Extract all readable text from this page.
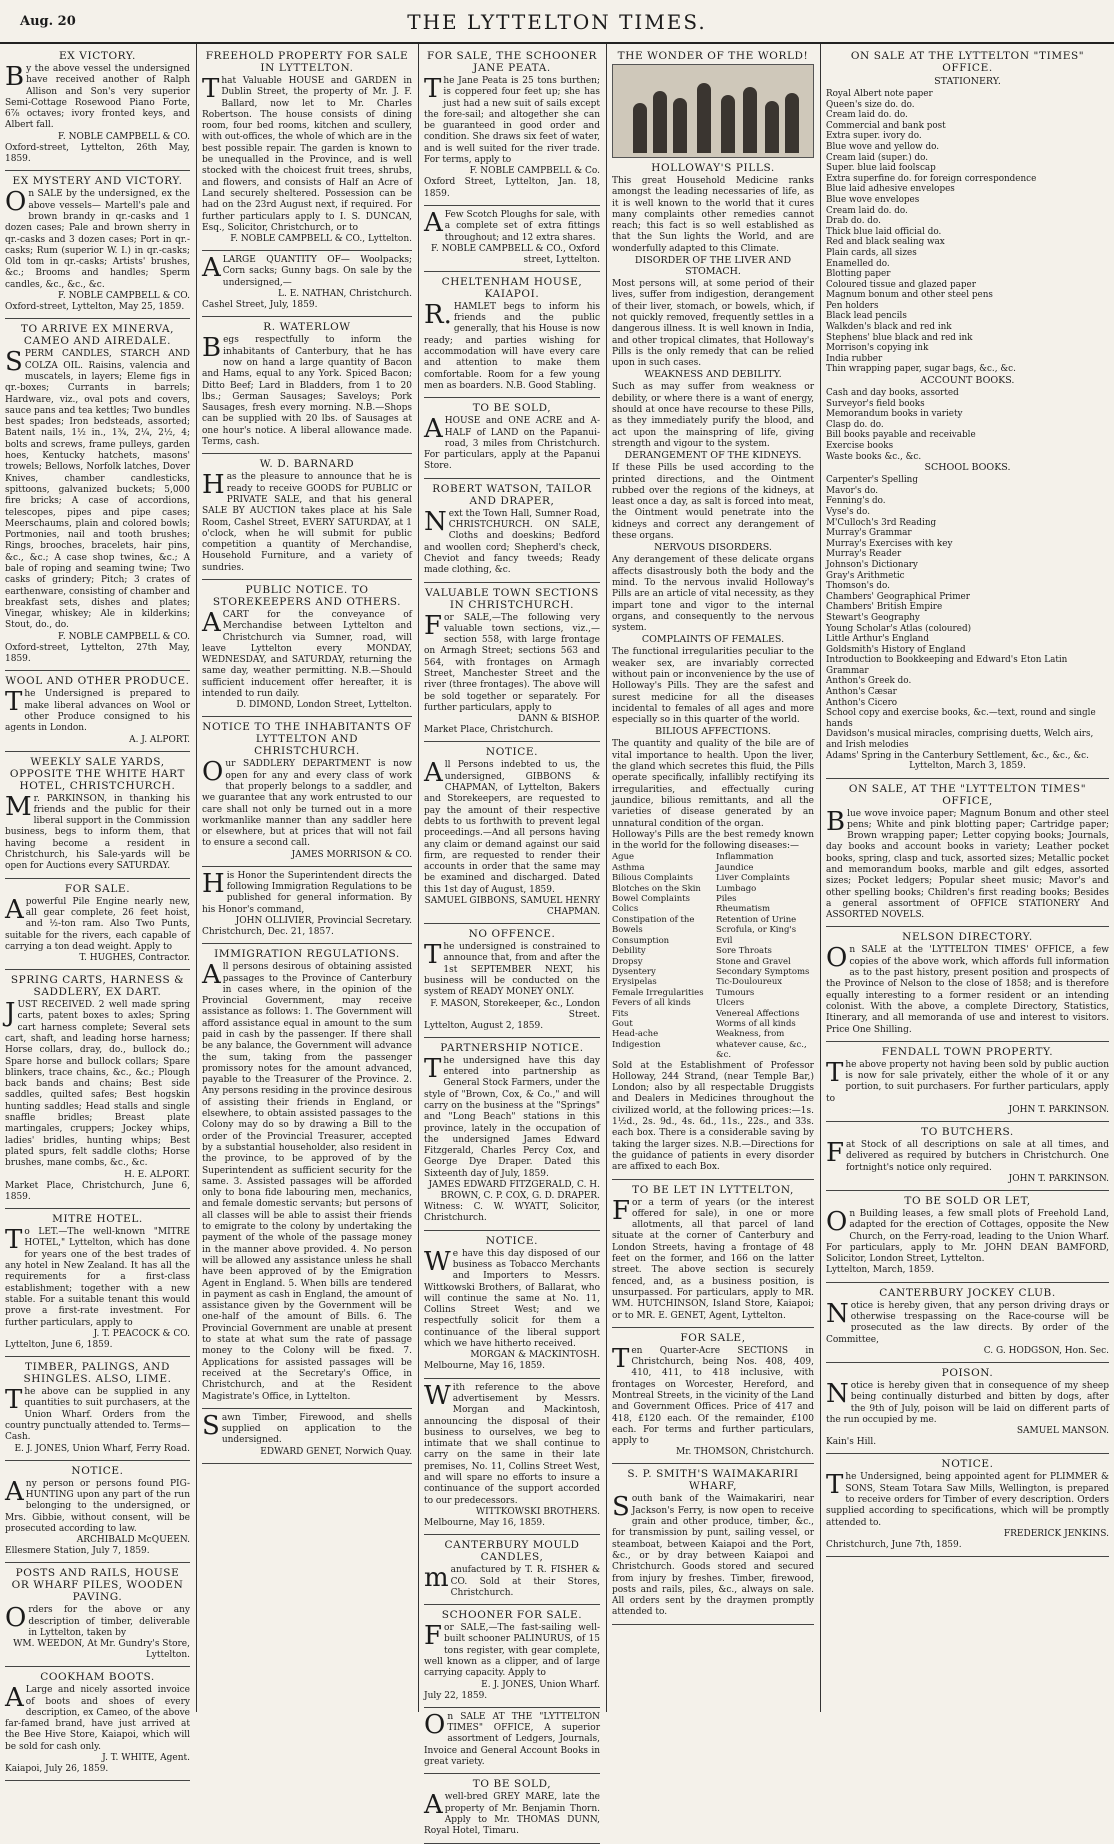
Aug. 20	THE LYTTELTON TIMES.
EX VICTORY.

By the above vessel the undersigned have received another of Ralph Allison and Son's very superior Semi-Cottage Rosewood Piano Forte, 6⅞ octaves; ivory fronted keys, and Albert fall.

F. NOBLE CAMPBELL & CO.

Oxford-street, Lyttelton, 26th May, 1859.

EX MYSTERY AND VICTORY.

On SALE by the undersigned, ex the above vessels— Martell's pale and brown brandy in qr.-casks and 1 dozen cases; Pale and brown sherry in qr.-casks and 3 dozen cases; Port in qr.-casks; Rum (superior W. I.) in qr.-casks; Old tom in qr.-casks; Artists' brushes, &c.; Brooms and handles; Sperm candles, &c., &c., &c.

F. NOBLE CAMPBELL & CO.

Oxford-street, Lyttelton, May 25, 1859.

TO ARRIVE EX MINERVA, CAMEO AND AIREDALE.

SPERM CANDLES, STARCH AND COLZA OIL. Raisins, valencia and muscatels, in layers; Eleme figs in qr.-boxes; Currants in barrels; Hardware, viz., oval pots and covers, sauce pans and tea kettles; Two bundles best spades; Iron bedsteads, assorted; Batent nails, 1½ in., 1¾, 2¼, 2½, 4; bolts and screws, frame pulleys, garden hoes, Kentucky hatchets, masons' trowels; Bellows, Norfolk latches, Dover Knives, chamber candlesticks, spittoons, galvanized buckets; 5,000 fire bricks; A case of accordions, telescopes, pipes and pipe cases; Meerschaums, plain and colored bowls; Portmonies, nail and tooth brushes; Rings, brooches, bracelets, hair pins, &c., &c.; A case shop twines, &c.; A bale of roping and seaming twine; Two casks of grindery; Pitch; 3 crates of earthenware, consisting of chamber and breakfast sets, dishes and plates; Vinegar, whiskey; Ale in kilderkins; Stout, do., do.

F. NOBLE CAMPBELL & CO.

Oxford-street, Lyttelton, 27th May, 1859.

WOOL AND OTHER PRODUCE.

The Undersigned is prepared to make liberal advances on Wool or other Produce consigned to his agents in London.

A. J. ALPORT.
WEEKLY SALE YARDS, OPPOSITE THE WHITE HART HOTEL, CHRISTCHURCH.

Mr. PARKINSON, in thanking his friends and the public for their liberal support in the Commission business, begs to inform them, that having become a resident in Christchurch, his Sale-yards will be open for Auctions every SATURDAY.

FOR SALE.

Apowerful Pile Engine nearly new, all gear complete, 26 feet hoist, and ½-ton ram. Also Two Punts, suitable for the rivers, each capable of carrying a ton dead weight. Apply to

T. HUGHES, Contractor.
SPRING CARTS, HARNESS & SADDLERY, EX DART.

JUST RECEIVED. 2 well made spring carts, patent boxes to axles; Spring cart harness complete; Several sets cart, shaft, and leading horse harness; Horse collars, dray, do., bullock do.; Spare horse and bullock collars; Spare blinkers, trace chains, &c., &c.; Plough back bands and chains; Best side saddles, quilted safes; Best hogskin hunting saddles; Head stalls and single snaffle bridles; Breast plate martingales, cruppers; Jockey whips, ladies' bridles, hunting whips; Best plated spurs, felt saddle cloths; Horse brushes, mane combs, &c., &c.

H. E. ALPORT.

Market Place, Christchurch, June 6, 1859.

MITRE HOTEL.

To LET.—The well-known "MITRE HOTEL," Lyttelton, which has done for years one of the best trades of any hotel in New Zealand. It has all the requirements for a first-class establishment; together with a new stable. For a suitable tenant this would prove a first-rate investment. For further particulars, apply to

J. T. PEACOCK & CO.

Lyttelton, June 6, 1859.

TIMBER, PALINGS, AND SHINGLES. ALSO, LIME.

The above can be supplied in any quantities to suit purchasers, at the Union Wharf. Orders from the country punctually attended to. Terms—Cash.

E. J. JONES, Union Wharf, Ferry Road.
NOTICE.

Any person or persons found PIG-HUNTING upon any part of the run belonging to the undersigned, or Mrs. Gibbie, without consent, will be prosecuted according to law.

ARCHIBALD McQUEEN.

Ellesmere Station, July 7, 1859.

POSTS AND RAILS, HOUSE OR WHARF PILES, WOODEN PAVING.

Orders for the above or any description of timber, deliverable in Lyttelton, taken by

WM. WEEDON, At Mr. Gundry's Store, Lyttelton.
COOKHAM BOOTS.

ALarge and nicely assorted invoice of boots and shoes of every description, ex Cameo, of the above far-famed brand, have just arrived at the Bee Hive Store, Kaiapoi, which will be sold for cash only.

J. T. WHITE, Agent.

Kaiapoi, July 26, 1859.

FREEHOLD PROPERTY FOR SALE IN LYTTELTON.

That Valuable HOUSE and GARDEN in Dublin Street, the property of Mr. J. F. Ballard, now let to Mr. Charles Robertson. The house consists of dining room, four bed rooms, kitchen and scullery, with out-offices, the whole of which are in the best possible repair. The garden is known to be unequalled in the Province, and is well stocked with the choicest fruit trees, shrubs, and flowers, and consists of Half an Acre of Land securely sheltered. Possession can be had on the 23rd August next, if required. For further particulars apply to I. S. DUNCAN, Esq., Solicitor, Christchurch, or to

F. NOBLE CAMPBELL & CO., Lyttelton.

ALARGE QUANTITY OF— Woolpacks; Corn sacks; Gunny bags. On sale by the undersigned,—

L. E. NATHAN, Christchurch.

Cashel Street, July, 1859.

R. WATERLOW

Begs respectfully to inform the inhabitants of Canterbury, that he has now on hand a large quantity of Bacon and Hams, equal to any York. Spiced Bacon; Ditto Beef; Lard in Bladders, from 1 to 20 lbs.; German Sausages; Saveloys; Pork Sausages, fresh every morning. N.B.—Shops can be supplied with 20 lbs. of Sausages at one hour's notice. A liberal allowance made. Terms, cash.

W. D. BARNARD

Has the pleasure to announce that he is ready to receive GOODS for PUBLIC or PRIVATE SALE, and that his general SALE BY AUCTION takes place at his Sale Room, Cashel Street, EVERY SATURDAY, at 1 o'clock, when he will submit for public competition a quantity of Merchandise, Household Furniture, and a variety of sundries.

PUBLIC NOTICE. TO STOREKEEPERS AND OTHERS.

ACART for the conveyance of Merchandise between Lyttelton and Christchurch via Sumner, road, will leave Lyttelton every MONDAY, WEDNESDAY, and SATURDAY, returning the same day, weather permitting. N.B.—Should sufficient inducement offer hereafter, it is intended to run daily.

D. DIMOND, London Street, Lyttelton.
NOTICE TO THE INHABITANTS OF LYTTELTON AND CHRISTCHURCH.

Our SADDLERY DEPARTMENT is now open for any and every class of work that properly belongs to a saddler, and we guarantee that any work entrusted to our care shall not only be turned out in a more workmanlike manner than any saddler here or elsewhere, but at prices that will not fail to ensure a second call.

JAMES MORRISON & CO.

His Honor the Superintendent directs the following Immigration Regulations to be published for general information. By his Honor's command,

JOHN OLLIVIER, Provincial Secretary.

Christchurch, Dec. 21, 1857.

IMMIGRATION REGULATIONS.

All persons desirous of obtaining assisted passages to the Province of Canterbury in cases where, in the opinion of the Provincial Government, may receive assistance as follows: 1. The Government will afford assistance equal in amount to the sum paid in cash by the passenger. If there shall be any balance, the Government will advance the sum, taking from the passenger promissory notes for the amount advanced, payable to the Treasurer of the Province. 2. Any persons residing in the province desirous of assisting their friends in England, or elsewhere, to obtain assisted passages to the Colony may do so by drawing a Bill to the order of the Provincial Treasurer, accepted by a substantial householder, also resident in the province, to be approved of by the Superintendent as sufficient security for the same. 3. Assisted passages will be afforded only to bona fide labouring men, mechanics, and female domestic servants; but persons of all classes will be able to assist their friends to emigrate to the colony by undertaking the payment of the whole of the passage money in the manner above provided. 4. No person will be allowed any assistance unless he shall have been approved of by the Emigration Agent in England. 5. When bills are tendered in payment as cash in England, the amount of assistance given by the Government will be one-half of the amount of Bills. 6. The Provincial Government are unable at present to state at what sum the rate of passage money to the Colony will be fixed. 7. Applications for assisted passages will be received at the Secretary's Office, in Christchurch, and at the Resident Magistrate's Office, in Lyttelton.

Sawn Timber, Firewood, and shells supplied on application to the undersigned.

EDWARD GENET, Norwich Quay.
FOR SALE, THE SCHOONER JANE PEATA.

The Jane Peata is 25 tons burthen; is coppered four feet up; she has just had a new suit of sails except the fore-sail; and altogether she can be guaranteed in good order and condition. She draws six feet of water, and is well suited for the river trade. For terms, apply to

F. NOBLE CAMPBELL & Co.

Oxford Street, Lyttelton, Jan. 18, 1859.

AFew Scotch Ploughs for sale, with a complete set of extra fittings throughout; and 12 extra shares.

F. NOBLE CAMPBELL & CO., Oxford street, Lyttelton.
CHELTENHAM HOUSE, KAIAPOI.

R.HAMLET begs to inform his friends and the public generally, that his House is now ready; and parties wishing for accommodation will have every care and attention to make them comfortable. Room for a few young men as boarders. N.B. Good Stabling.

TO BE SOLD,

AHOUSE and ONE ACRE and A-HALF of LAND on the Papanui-road, 3 miles from Christchurch. For particulars, apply at the Papanui Store.

ROBERT WATSON, TAILOR AND DRAPER,

Next the Town Hall, Sumner Road, CHRISTCHURCH. ON SALE, Cloths and doeskins; Bedford and woollen cord; Shepherd's check, Cheviot and fancy tweeds; Ready made clothing, &c.

VALUABLE TOWN SECTIONS IN CHRISTCHURCH.

For SALE,—The following very valuable town sections, viz.,—section 558, with large frontage on Armagh Street; sections 563 and 564, with frontages on Armagh Street, Manchester Street and the river (three frontages). The above will be sold together or separately. For further particulars, apply to

DANN & BISHOP.

Market Place, Christchurch.

NOTICE.

All Persons indebted to us, the undersigned, GIBBONS & CHAPMAN, of Lyttelton, Bakers and Storekeepers, are requested to pay the amount of their respective debts to us forthwith to prevent legal proceedings.—And all persons having any claim or demand against our said firm, are requested to render their accounts in order that the same may be examined and discharged. Dated this 1st day of August, 1859.

SAMUEL GIBBONS, SAMUEL HENRY CHAPMAN.
NO OFFENCE.

The undersigned is constrained to announce that, from and after the 1st SEPTEMBER NEXT, his business will be conducted on the system of READY MONEY ONLY.

F. MASON, Storekeeper, &c., London Street.

Lyttelton, August 2, 1859.

PARTNERSHIP NOTICE.

The undersigned have this day entered into partnership as General Stock Farmers, under the style of "Brown, Cox, & Co.," and will carry on the business at the "Springs" and "Long Beach" stations in this province, lately in the occupation of the undersigned James Edward Fitzgerald, Charles Percy Cox, and George Dye Draper. Dated this Sixteenth day of July, 1859.

JAMES EDWARD FITZGERALD, C. H. BROWN, C. P. COX, G. D. DRAPER.

Witness: C. W. WYATT, Solicitor, Christchurch.

NOTICE.

We have this day disposed of our business as Tobacco Merchants and Importers to Messrs. Wittkowski Brothers, of Ballarat, who will continue the same at No. 11, Collins Street West; and we respectfully solicit for them a continuance of the liberal support which we have hitherto received.

MORGAN & MACKINTOSH.

Melbourne, May 16, 1859.

With reference to the above advertisement by Messrs. Morgan and Mackintosh, announcing the disposal of their business to ourselves, we beg to intimate that we shall continue to carry on the same in their late premises, No. 11, Collins Street West, and will spare no efforts to insure a continuance of the support accorded to our predecessors.

WITTKOWSKI BROTHERS.

Melbourne, May 16, 1859.

CANTERBURY MOULD CANDLES,

manufactured by T. R. FISHER & CO. Sold at their Stores, Christchurch.

SCHOONER FOR SALE.

For SALE,—The fast-sailing well-built schooner PALINURUS, of 15 tons register, with gear complete, well known as a clipper, and of large carrying capacity. Apply to

E. J. JONES, Union Wharf.

July 22, 1859.

On SALE AT THE "LYTTELTON TIMES" OFFICE, A superior assortment of Ledgers, Journals, Invoice and General Account Books in great variety.

TO BE SOLD,

Awell-bred GREY MARE, late the property of Mr. Benjamin Thorn. Apply to Mr. THOMAS DUNN, Royal Hotel, Timaru.

THE WONDER OF THE WORLD!
HOLLOWAY'S PILLS.

This great Household Medicine ranks amongst the leading necessaries of life, as it is well known to the world that it cures many complaints other remedies cannot reach; this fact is so well established as that the Sun lights the World, and are wonderfully adapted to this Climate.

DISORDER OF THE LIVER AND STOMACH.

Most persons will, at some period of their lives, suffer from indigestion, derangement of their liver, stomach, or bowels, which, if not quickly removed, frequently settles in a dangerous illness. It is well known in India, and other tropical climates, that Holloway's Pills is the only remedy that can be relied upon in such cases.

WEAKNESS AND DEBILITY.

Such as may suffer from weakness or debility, or where there is a want of energy, should at once have recourse to these Pills, as they immediately purify the blood, and act upon the mainspring of life, giving strength and vigour to the system.

DERANGEMENT OF THE KIDNEYS.

If these Pills be used according to the printed directions, and the Ointment rubbed over the regions of the kidneys, at least once a day, as salt is forced into meat, the Ointment would penetrate into the kidneys and correct any derangement of these organs.

NERVOUS DISORDERS.

Any derangement of these delicate organs affects disastrously both the body and the mind. To the nervous invalid Holloway's Pills are an article of vital necessity, as they impart tone and vigor to the internal organs, and consequently to the nervous system.

COMPLAINTS OF FEMALES.

The functional irregularities peculiar to the weaker sex, are invariably corrected without pain or inconvenience by the use of Holloway's Pills. They are the safest and surest medicine for all the diseases incidental to females of all ages and more especially so in this quarter of the world.

BILIOUS AFFECTIONS.

The quantity and quality of the bile are of vital importance to health. Upon the liver, the gland which secretes this fluid, the Pills operate specifically, infallibly rectifying its irregularities, and effectually curing jaundice, bilious remittants, and all the varieties of disease generated by an unnatural condition of the organ.

Holloway's Pills are the best remedy known in the world for the following diseases:—

Ague
Asthma
Bilious Complaints
Blotches on the Skin
Bowel Complaints
Colics
Constipation of the Bowels
Consumption
Debility
Dropsy
Dysentery
Erysipelas
Female Irregularities
Fevers of all kinds
Fits
Gout
Head-ache
Indigestion
Inflammation
Jaundice
Liver Complaints
Lumbago
Piles
Rheumatism
Retention of Urine
Scrofula, or King's Evil
Sore Throats
Stone and Gravel
Secondary Symptoms
Tic-Douloureux
Tumours
Ulcers
Venereal Affections
Worms of all kinds
Weakness, from whatever cause, &c., &c.

Sold at the Establishment of Professor Holloway, 244 Strand, (near Temple Bar,) London; also by all respectable Druggists and Dealers in Medicines throughout the civilized world, at the following prices:—1s. 1½d., 2s. 9d., 4s. 6d., 11s., 22s., and 33s. each box. There is a considerable saving by taking the larger sizes. N.B.—Directions for the guidance of patients in every disorder are affixed to each Box.

TO BE LET IN LYTTELTON,

For a term of years (or the interest offered for sale), in one or more allotments, all that parcel of land situate at the corner of Canterbury and London Streets, having a frontage of 48 feet on the former, and 166 on the latter street. The above section is securely fenced, and, as a business position, is unsurpassed. For particulars, apply to MR. WM. HUTCHINSON, Island Store, Kaiapoi; or to MR. E. GENET, Agent, Lyttelton.

FOR SALE,

Ten Quarter-Acre SECTIONS in Christchurch, being Nos. 408, 409, 410, 411, to 418 inclusive, with frontages on Worcester, Hereford, and Montreal Streets, in the vicinity of the Land and Government Offices. Price of 417 and 418, £120 each. Of the remainder, £100 each. For terms and further particulars, apply to

Mr. THOMSON, Christchurch.
S. P. SMITH'S WAIMAKARIRI WHARF,

South bank of the Waimakariri, near Jackson's Ferry, is now open to receive grain and other produce, timber, &c., for transmission by punt, sailing vessel, or steamboat, between Kaiapoi and the Port, &c., or by dray between Kaiapoi and Christchurch. Goods stored and secured from injury by freshes. Timber, firewood, posts and rails, piles, &c., always on sale. All orders sent by the draymen promptly attended to.

ON SALE AT THE LYTTELTON "TIMES" OFFICE.
STATIONERY.
Royal Albert note paper
Queen's size do. do.
Cream laid do. do.
Commercial and bank post
Extra super. ivory do.
Blue wove and yellow do.
Cream laid (super.) do.
Super. blue laid foolscap
Extra superfine do. for foreign correspondence
Blue laid adhesive envelopes
Blue wove envelopes
Cream laid do. do.
Drab do. do.
Thick blue laid official do.
Red and black sealing wax
Plain cards, all sizes
Enamelled do.
Blotting paper
Coloured tissue and glazed paper
Magnum bonum and other steel pens
Pen holders
Black lead pencils
Walkden's black and red ink
Stephens' blue black and red ink
Morrison's copying ink
India rubber
Thin wrapping paper, sugar bags, &c., &c.
ACCOUNT BOOKS.
Cash and day books, assorted
Surveyor's field books
Memorandum books in variety
Clasp do. do.
Bill books payable and receivable
Exercise books
Waste books &c., &c.
SCHOOL BOOKS.
Carpenter's Spelling
Mavor's do.
Fenning's do.
Vyse's do.
M'Culloch's 3rd Reading
Murray's Grammar
Murray's Exercises with key
Murray's Reader
Johnson's Dictionary
Gray's Arithmetic
Thomson's do.
Chambers' Geographical Primer
Chambers' British Empire
Stewart's Geography
Young Scholar's Atlas (coloured)
Little Arthur's England
Goldsmith's History of England
Introduction to Bookkeeping and Edward's Eton Latin Grammar
Anthon's Greek do.
Anthon's Cæsar
Anthon's Cicero
School copy and exercise books, &c.—text, round and single hands
Davidson's musical miracles, comprising duetts, Welch airs, and Irish melodies
Adams' Spring in the Canterbury Settlement, &c., &c., &c.

Lyttelton, March 3, 1859.

ON SALE, AT THE "LYTTELTON TIMES" OFFICE,

Blue wove invoice paper; Magnum Bonum and other steel pens; White and pink blotting paper; Cartridge paper; Brown wrapping paper; Letter copying books; Journals, day books and account books in variety; Leather pocket books, spring, clasp and tuck, assorted sizes; Metallic pocket and memorandum books, marble and gilt edges, assorted sizes; Pocket ledgers; Popular sheet music; Mavor's and other spelling books; Children's first reading books; Besides a general assortment of OFFICE STATIONERY And ASSORTED NOVELS.

NELSON DIRECTORY.

On SALE at the 'LYTTELTON TIMES' OFFICE, a few copies of the above work, which affords full information as to the past history, present position and prospects of the Province of Nelson to the close of 1858; and is therefore equally interesting to a former resident or an intending colonist. With the above, a complete Directory, Statistics, Itinerary, and all memoranda of use and interest to visitors. Price One Shilling.

FENDALL TOWN PROPERTY.

The above property not having been sold by public auction is now for sale privately, either the whole of it or any portion, to suit purchasers. For further particulars, apply to

JOHN T. PARKINSON.
TO BUTCHERS.

Fat Stock of all descriptions on sale at all times, and delivered as required by butchers in Christchurch. One fortnight's notice only required.

JOHN T. PARKINSON.
TO BE SOLD OR LET,

On Building leases, a few small plots of Freehold Land, adapted for the erection of Cottages, opposite the New Church, on the Ferry-road, leading to the Union Wharf. For particulars, apply to Mr. JOHN DEAN BAMFORD, Solicitor, London Street, Lyttelton.

Lyttelton, March, 1859.

CANTERBURY JOCKEY CLUB.

Notice is hereby given, that any person driving drays or otherwise trespassing on the Race-course will be prosecuted as the law directs. By order of the Committee,

C. G. HODGSON, Hon. Sec.
POISON.

Notice is hereby given that in consequence of my sheep being continually disturbed and bitten by dogs, after the 9th of July, poison will be laid on different parts of the run occupied by me.

SAMUEL MANSON.

Kain's Hill.

NOTICE.

The Undersigned, being appointed agent for PLIMMER & SONS, Steam Totara Saw Mills, Wellington, is prepared to receive orders for Timber of every description. Orders supplied according to specifications, which will be promptly attended to.

FREDERICK JENKINS.

Christchurch, June 7th, 1859.
